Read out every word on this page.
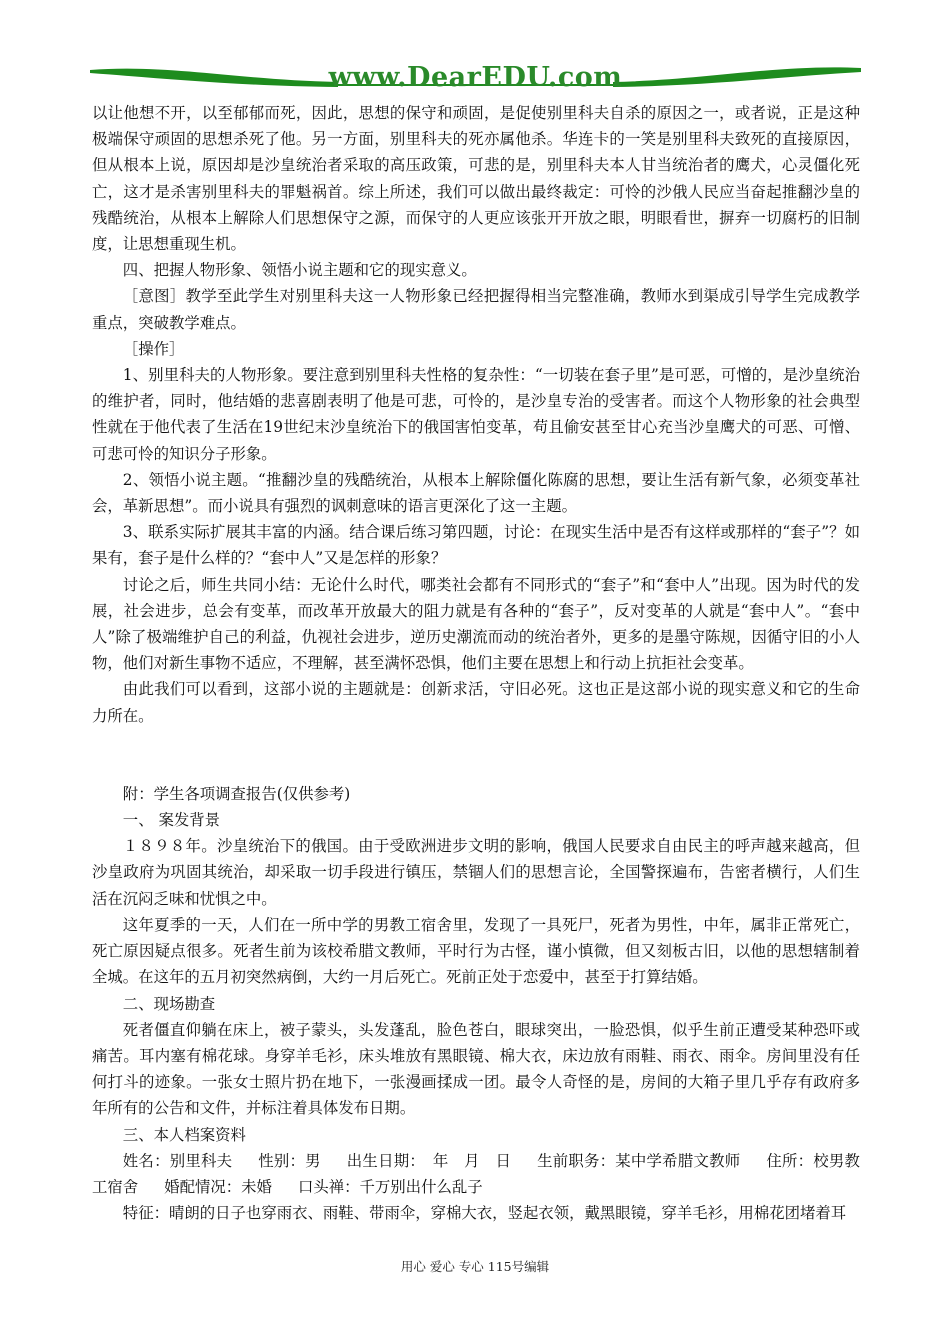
www.DearEDU.com

以让他想不开，以至郁郁而死，因此，思想的保守和顽固，是促使别里科夫自杀的原因之一，或者说，正是这种极端保守顽固的思想杀死了他。另一方面，别里科夫的死亦属他杀。华连卡的一笑是别里科夫致死的直接原因，但从根本上说，原因却是沙皇统治者采取的高压政策，可悲的是，别里科夫本人甘当统治者的鹰犬，心灵僵化死亡，这才是杀害别里科夫的罪魁祸首。综上所述，我们可以做出最终裁定：可怜的沙俄人民应当奋起推翻沙皇的残酷统治，从根本上解除人们思想保守之源，而保守的人更应该张开开放之眼，明眼看世，摒弃一切腐朽的旧制度，让思想重现生机。

四、把握人物形象、领悟小说主题和它的现实意义。

［意图］教学至此学生对别里科夫这一人物形象已经把握得相当完整准确，教师水到渠成引导学生完成教学重点，突破教学难点。

［操作］

1、别里科夫的人物形象。要注意到别里科夫性格的复杂性：“一切装在套子里”是可恶，可憎的，是沙皇统治的维护者，同时，他结婚的悲喜剧表明了他是可悲，可怜的，是沙皇专治的受害者。而这个人物形象的社会典型性就在于他代表了生活在19世纪末沙皇统治下的俄国害怕变革，苟且偷安甚至甘心充当沙皇鹰犬的可恶、可憎、可悲可怜的知识分子形象。

2、领悟小说主题。“推翻沙皇的残酷统治，从根本上解除僵化陈腐的思想，要让生活有新气象，必须变革社会，革新思想”。而小说具有强烈的讽刺意味的语言更深化了这一主题。

3、联系实际扩展其丰富的内涵。结合课后练习第四题，讨论：在现实生活中是否有这样或那样的“套子”？如果有，套子是什么样的？“套中人”又是怎样的形象？

讨论之后，师生共同小结：无论什么时代，哪类社会都有不同形式的“套子”和“套中人”出现。因为时代的发展，社会进步，总会有变革，而改革开放最大的阻力就是有各种的“套子”，反对变革的人就是“套中人”。“套中人”除了极端维护自己的利益，仇视社会进步，逆历史潮流而动的统治者外，更多的是墨守陈规，因循守旧的小人物，他们对新生事物不适应，不理解，甚至满怀恐惧，他们主要在思想上和行动上抗拒社会变革。

由此我们可以看到，这部小说的主题就是：创新求活，守旧必死。这也正是这部小说的现实意义和它的生命力所在。

附：学生各项调查报告(仅供参考)

一、 案发背景

１８９８年。沙皇统治下的俄国。由于受欧洲进步文明的影响，俄国人民要求自由民主的呼声越来越高，但沙皇政府为巩固其统治，却采取一切手段进行镇压，禁锢人们的思想言论，全国警探遍布，告密者横行，人们生活在沉闷乏味和忧惧之中。

这年夏季的一天，人们在一所中学的男教工宿舍里，发现了一具死尸，死者为男性，中年，属非正常死亡，死亡原因疑点很多。死者生前为该校希腊文教师，平时行为古怪，谨小慎微，但又刻板古旧，以他的思想辖制着全城。在这年的五月初突然病倒，大约一月后死亡。死前正处于恋爱中，甚至于打算结婚。

二、现场勘查

死者僵直仰躺在床上，被子蒙头，头发蓬乱，脸色苍白，眼球突出，一脸恐惧，似乎生前正遭受某种恐吓或痛苦。耳内塞有棉花球。身穿羊毛衫，床头堆放有黑眼镜、棉大衣，床边放有雨鞋、雨衣、雨伞。房间里没有任何打斗的迹象。一张女士照片扔在地下，一张漫画揉成一团。最令人奇怪的是，房间的大箱子里几乎存有政府多年所有的公告和文件，并标注着具体发布日期。

三、本人档案资料

姓名：别里科夫 性别：男 出生日期：　年　月　日 生前职务：某中学希腊文教师 住所：校男教工宿舍 婚配情况：未婚 口头禅：千万别出什么乱子

特征：晴朗的日子也穿雨衣、雨鞋、带雨伞，穿棉大衣，竖起衣领，戴黑眼镜，穿羊毛衫，用棉花团堵着耳

用心 爱心 专心 115号编辑
